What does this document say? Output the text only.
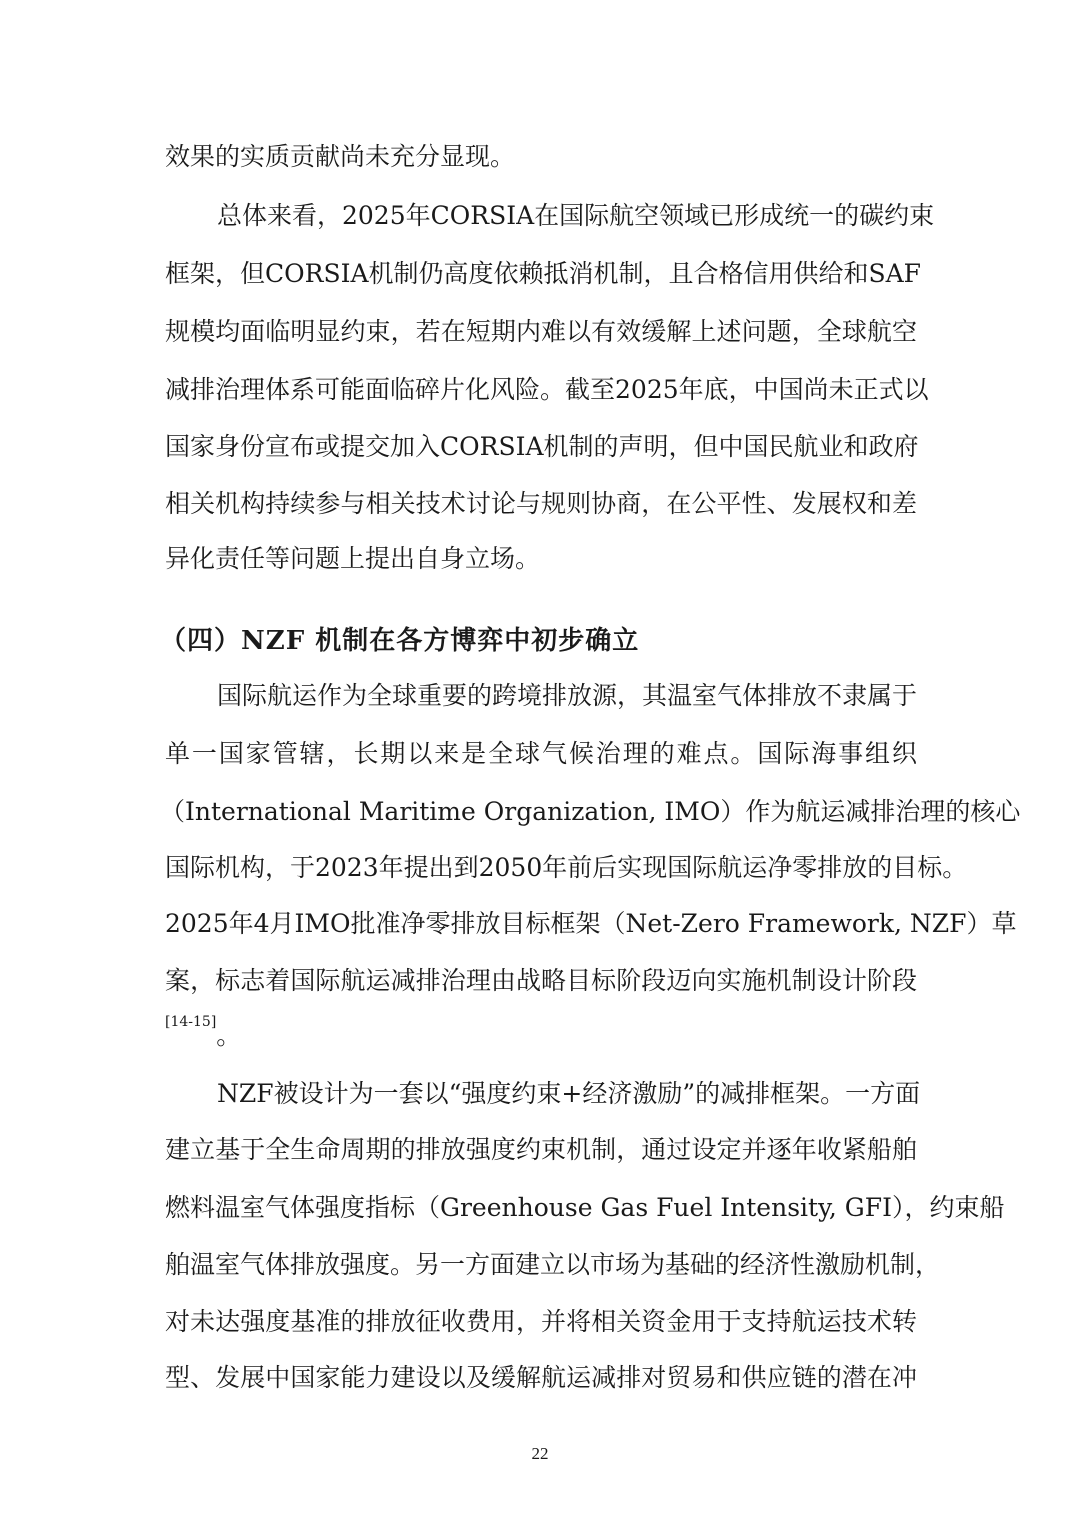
效果的实质贡献尚未充分显现。
总体来看，2025年CORSIA在国际航空领域已形成统一的碳约束
框架，但CORSIA机制仍高度依赖抵消机制，且合格信用供给和SAF
规模均面临明显约束，若在短期内难以有效缓解上述问题，全球航空
减排治理体系可能面临碎片化风险。截至2025年底，中国尚未正式以
国家身份宣布或提交加入CORSIA机制的声明，但中国民航业和政府
相关机构持续参与相关技术讨论与规则协商，在公平性、发展权和差
异化责任等问题上提出自身立场。
（四）NZF 机制在各方博弈中初步确立
国际航运作为全球重要的跨境排放源，其温室气体排放不隶属于
单一国家管辖，长期以来是全球气候治理的难点。国际海事组织
（International Maritime Organization, IMO）作为航运减排治理的核心
国际机构，于2023年提出到2050年前后实现国际航运净零排放的目标。
2025年4月IMO批准净零排放目标框架（Net-Zero Framework, NZF）草
案，标志着国际航运减排治理由战略目标阶段迈向实施机制设计阶段
[14-15]。
NZF被设计为一套以“强度约束+经济激励”的减排框架。一方面
建立基于全生命周期的排放强度约束机制，通过设定并逐年收紧船舶
燃料温室气体强度指标（Greenhouse Gas Fuel Intensity, GFI），约束船
舶温室气体排放强度。另一方面建立以市场为基础的经济性激励机制，
对未达强度基准的排放征收费用，并将相关资金用于支持航运技术转
型、发展中国家能力建设以及缓解航运减排对贸易和供应链的潜在冲
22
